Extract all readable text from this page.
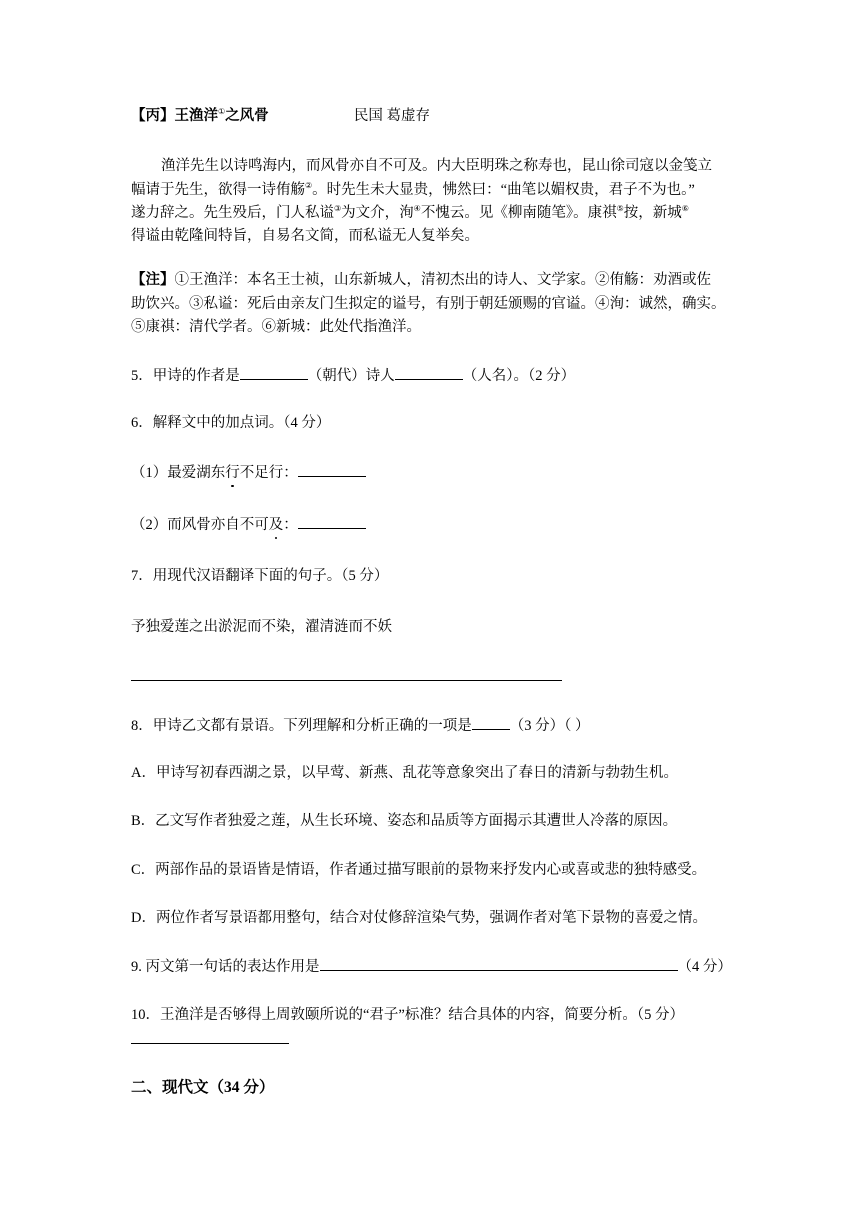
【丙】王渔洋①之风骨	民国 葛虚存
渔洋先生以诗鸣海内，而风骨亦自不可及。内大臣明珠之称寿也，昆山徐司寇以金笺立
幅请于先生，欲得一诗侑觞②。时先生未大显贵，怫然曰：“曲笔以媚权贵，君子不为也。”
遂力辞之。先生殁后，门人私谥③为文介，洵④不愧云。见《柳南随笔》。康祺⑤按，新城⑥
得谥由乾隆间特旨，自易名文简，而私谥无人复举矣。
【注】①王渔洋：本名王士祯，山东新城人，清初杰出的诗人、文学家。②侑觞：劝酒或佐
助饮兴。③私谥：死后由亲友门生拟定的谥号，有别于朝廷颁赐的官谥。④洵：诚然，确实。
⑤康祺：清代学者。⑥新城：此处代指渔洋。
5．甲诗的作者是	（朝代）诗人	（人名）。（2 分）
6．解释文中的加点词。（4 分）
（1）最爱湖东行不足行：
（2）而风骨亦自不可及：
7．用现代汉语翻译下面的句子。（5 分）
予独爱莲之出淤泥而不染，濯清涟而不妖
8．甲诗乙文都有景语。下列理解和分析正确的一项是	（3 分）（ ）
A．甲诗写初春西湖之景，以早莺、新燕、乱花等意象突出了春日的清新与勃勃生机。
B．乙文写作者独爱之莲，从生长环境、姿态和品质等方面揭示其遭世人冷落的原因。
C．两部作品的景语皆是情语，作者通过描写眼前的景物来抒发内心或喜或悲的独特感受。
D．两位作者写景语都用整句，结合对仗修辞渲染气势，强调作者对笔下景物的喜爱之情。
9. 丙文第一句话的表达作用是	（4 分）
10．王渔洋是否够得上周敦颐所说的“君子”标准？结合具体的内容，简要分析。（5 分）
二、现代文（34 分）
